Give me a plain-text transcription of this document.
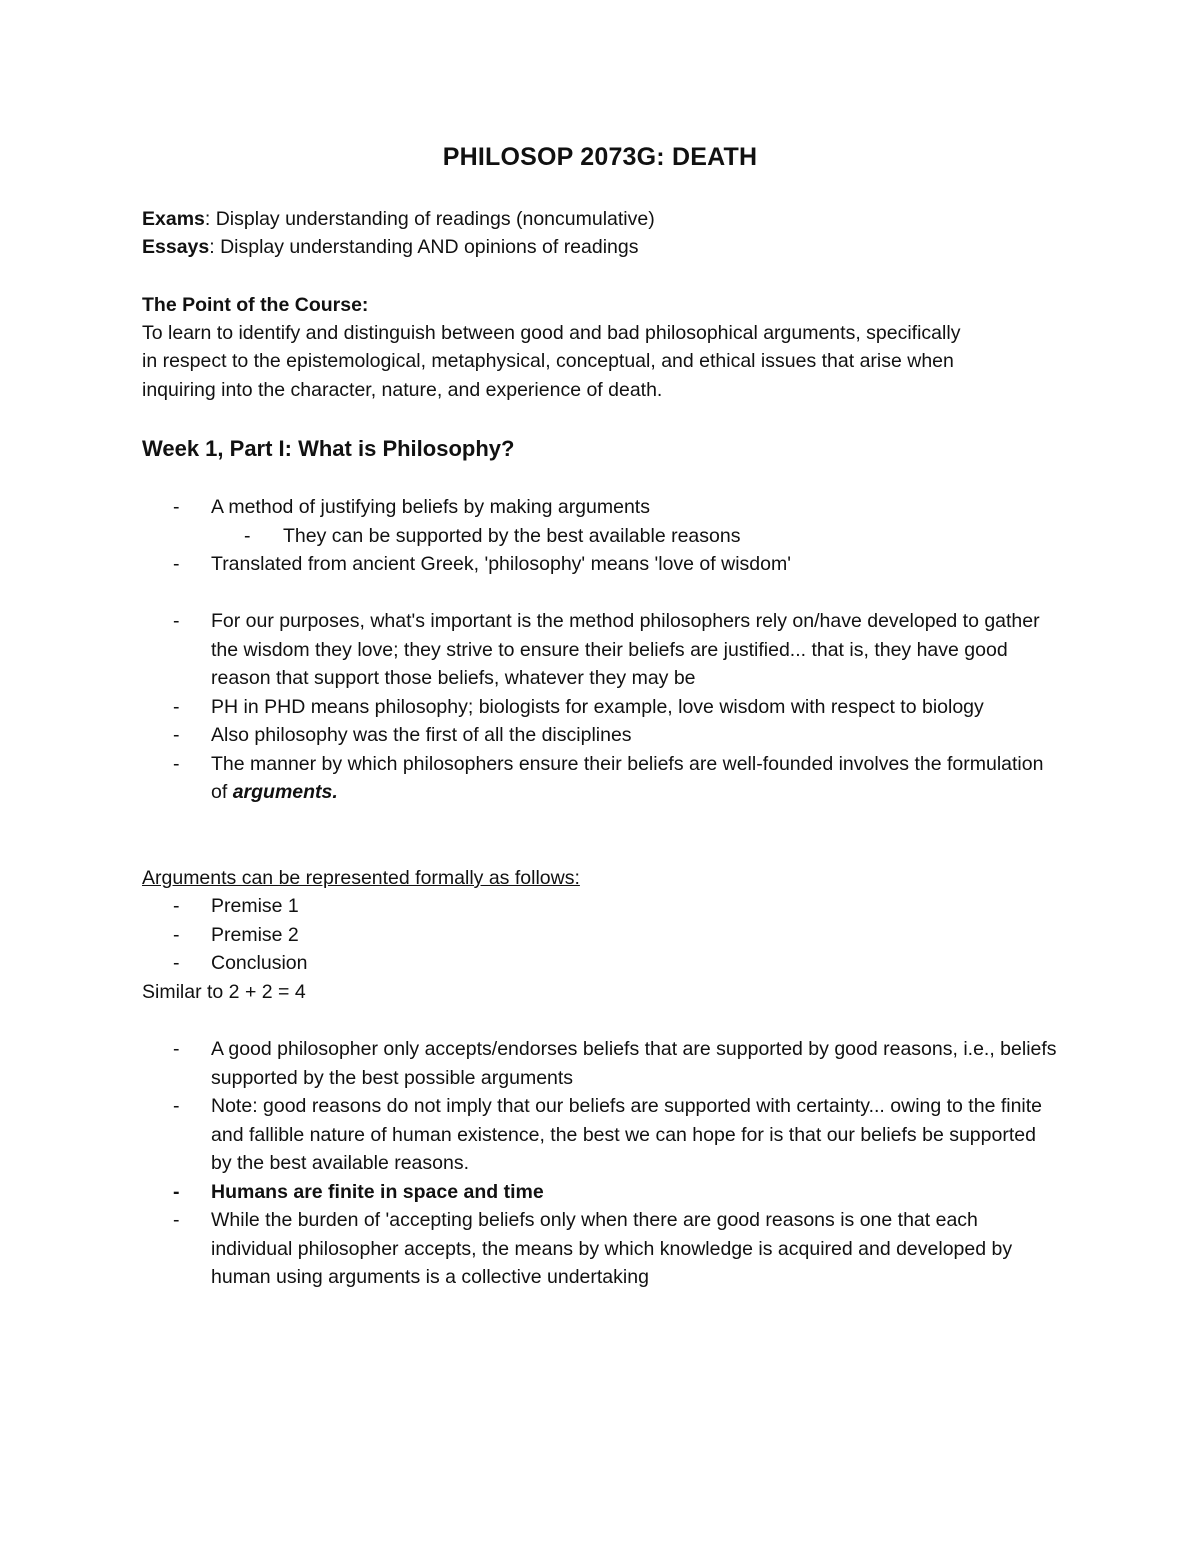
PHILOSOP 2073G: DEATH
Exams: Display understanding of readings (noncumulative)
Essays: Display understanding AND opinions of readings
The Point of the Course:
To learn to identify and distinguish between good and bad philosophical arguments, specifically
in respect to the epistemological, metaphysical, conceptual, and ethical issues that arise when
inquiring into the character, nature, and experience of death.
Week 1, Part I: What is Philosophy?
- A method of justifying beliefs by making arguments
- They can be supported by the best available reasons
- Translated from ancient Greek, 'philosophy' means 'love of wisdom'
- For our purposes, what's important is the method philosophers rely on/have developed to gather the wisdom they love; they strive to ensure their beliefs are justified... that is, they have good reason that support those beliefs, whatever they may be
- PH in PHD means philosophy; biologists for example, love wisdom with respect to biology
- Also philosophy was the first of all the disciplines
- The manner by which philosophers ensure their beliefs are well-founded involves the formulation of arguments.
Arguments can be represented formally as follows:
- Premise 1
- Premise 2
- Conclusion
Similar to 2 + 2 = 4
- A good philosopher only accepts/endorses beliefs that are supported by good reasons, i.e., beliefs supported by the best possible arguments
- Note: good reasons do not imply that our beliefs are supported with certainty... owing to the finite and fallible nature of human existence, the best we can hope for is that our beliefs be supported by the best available reasons.
- Humans are finite in space and time
- While the burden of 'accepting beliefs only when there are good reasons is one that each individual philosopher accepts, the means by which knowledge is acquired and developed by human using arguments is a collective undertaking
